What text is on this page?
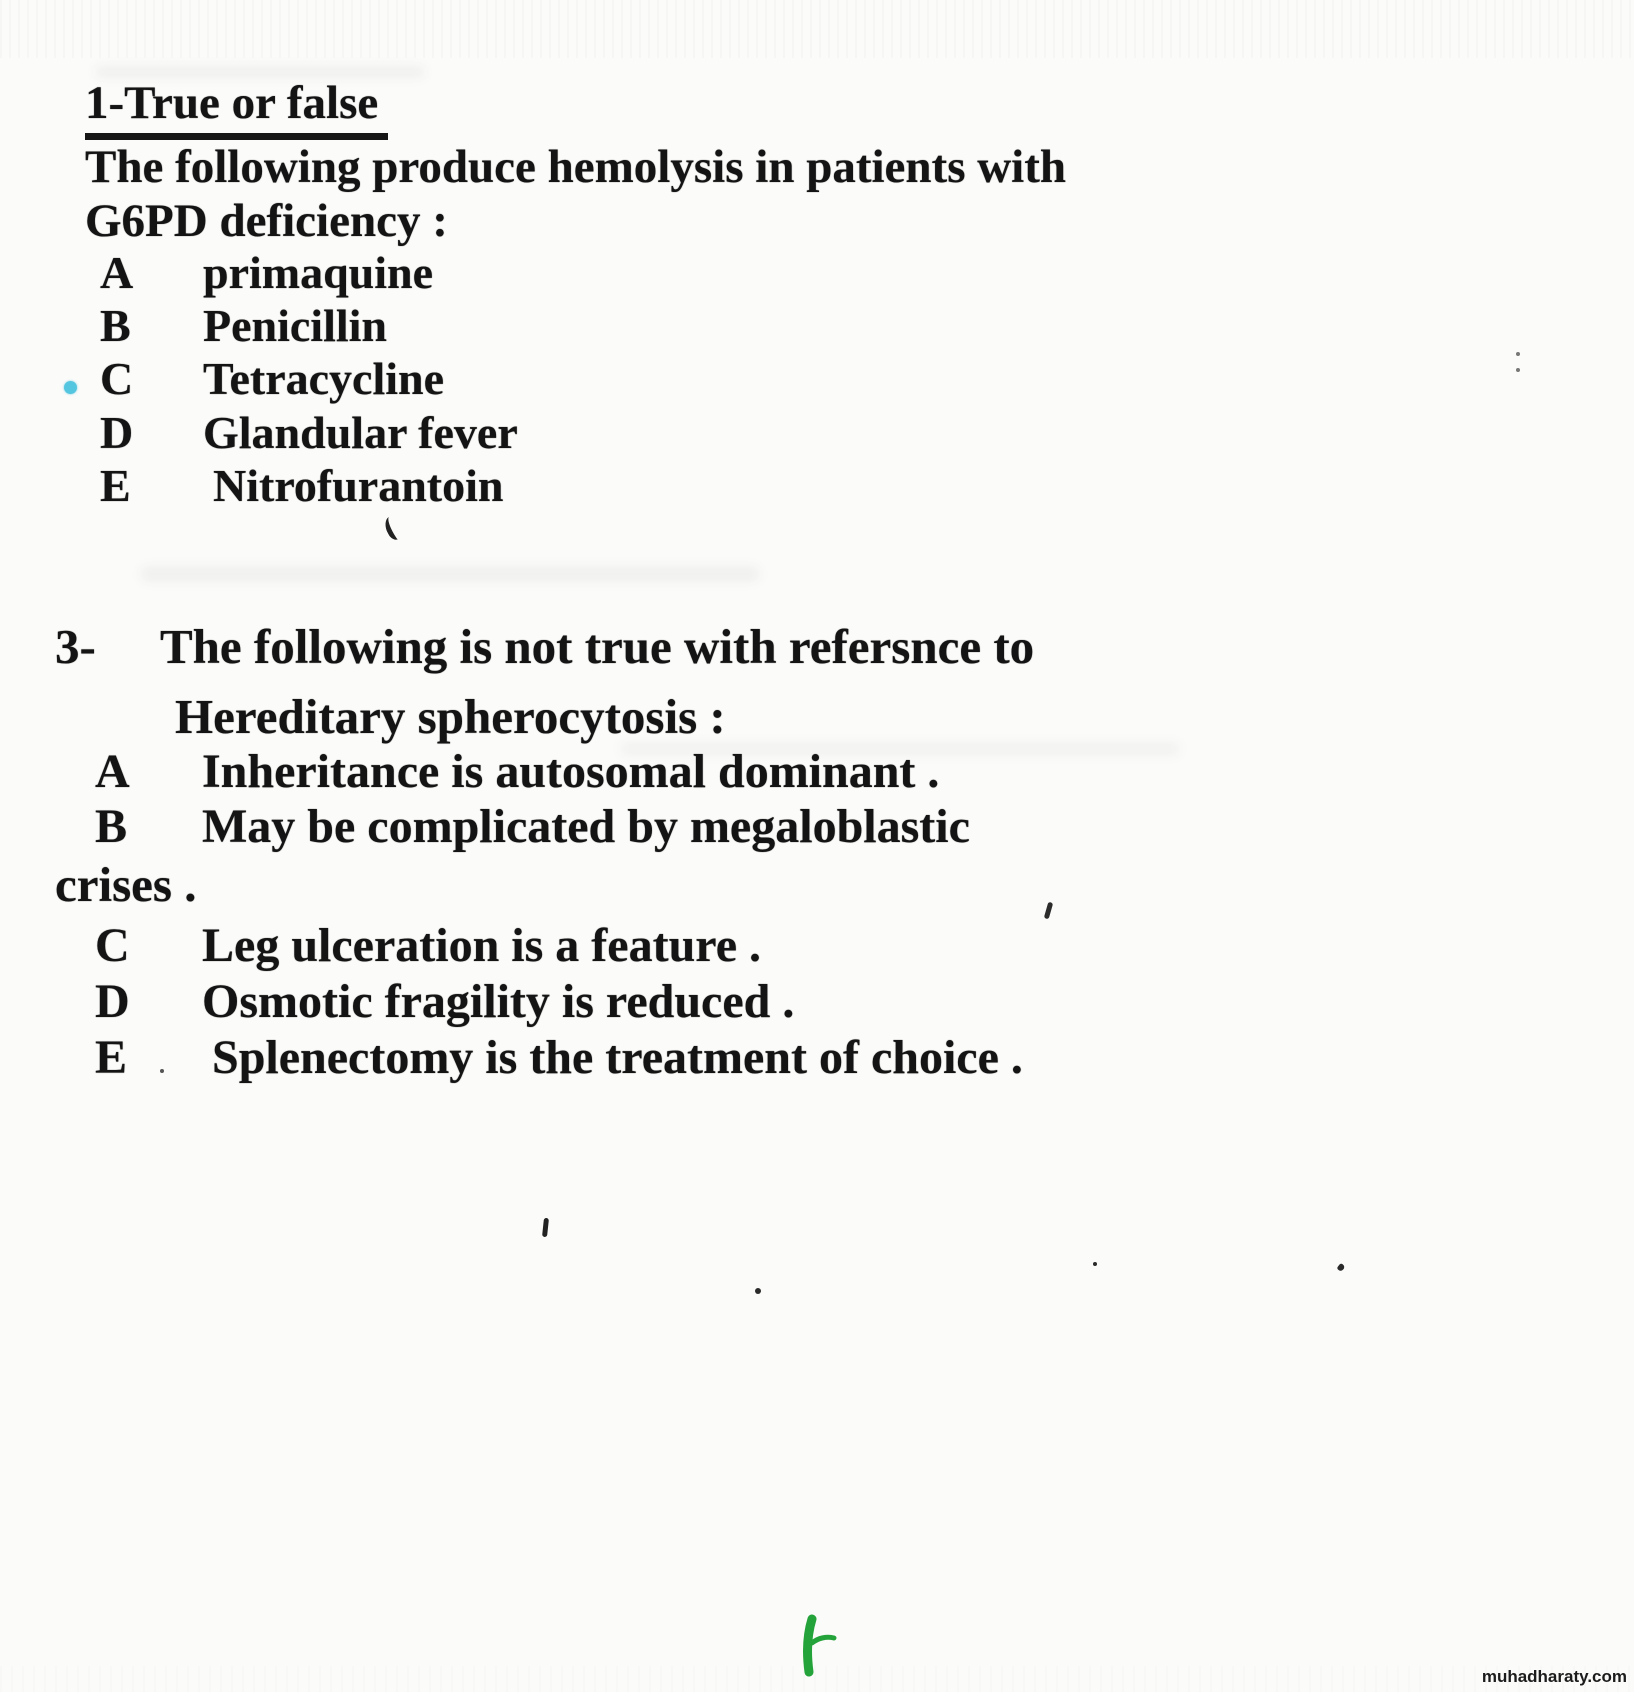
1-True or false
The following produce hemolysis in patients with
G6PD deficiency :
A	primaquine
B	Penicillin
C	Tetracycline
D	Glandular fever
E	Nitrofurantoin
3-	The following is not true with refersnce to
Hereditary spherocytosis :
A	Inheritance is autosomal dominant .
B	May be complicated by megaloblastic
crises .
C	Leg ulceration is a feature .
D	Osmotic fragility is reduced .
E	Splenectomy is the treatment of choice .
muhadharaty.com
